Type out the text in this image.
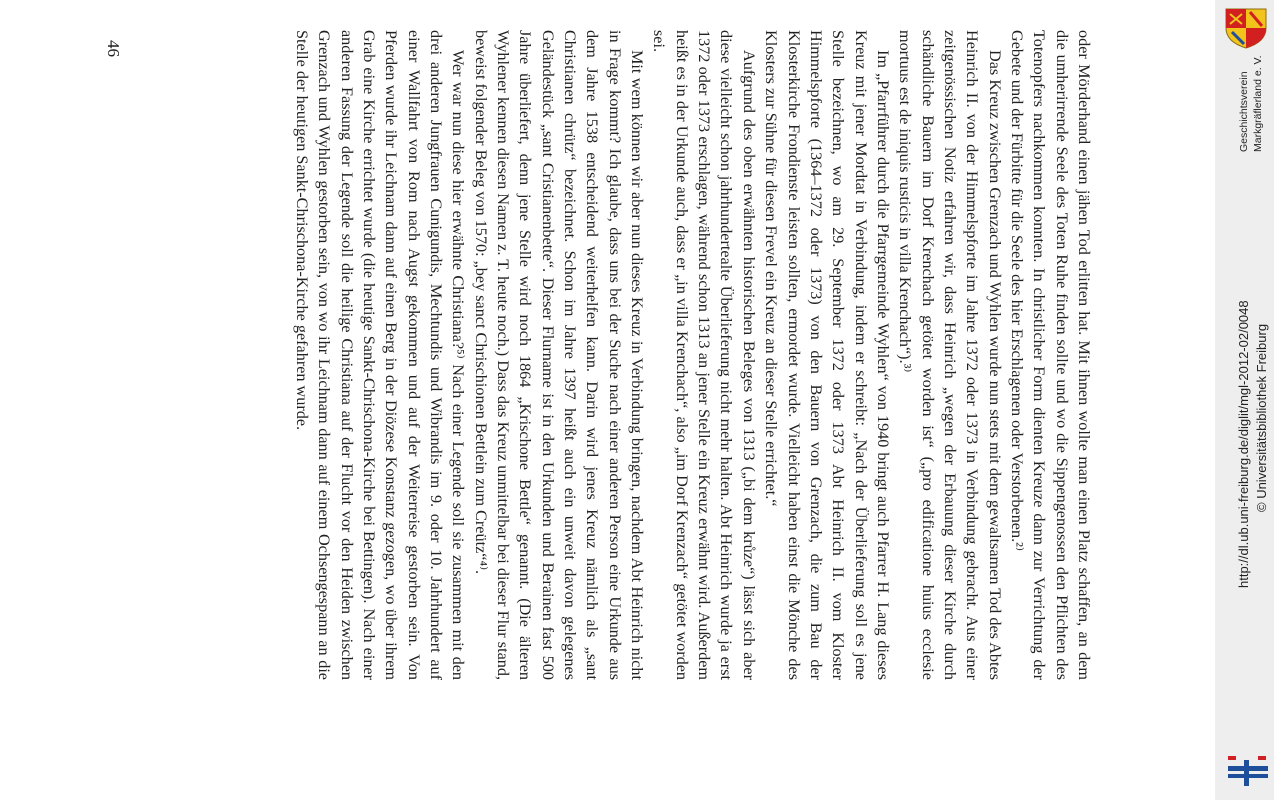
oder Mörderhand einen jähen Tod erlitten hat. Mit ihnen wollte man einen Platz schaffen, an dem die umherirrende Seele des Toten Ruhe finden sollte und wo die Sippengenossen den Pflichten des Totenopfers nachkommen konnten. In christlicher Form dienten Kreuze dann zur Verrichtung der Gebete und der Fürbitte für die Seele des hier Erschlagenen oder Verstorbenen.²⁾

Das Kreuz zwischen Grenzach und Wyhlen wurde nun stets mit dem gewaltsamen Tod des Abtes Heinrich II. von der Himmelspforte im Jahre 1372 oder 1373 in Verbindung gebracht. Aus einer zeitgenössischen Notiz erfahren wir, dass Heinrich „wegen der Erbauung dieser Kirche durch schändliche Bauern im Dorf Krenchach getötet worden ist“ („pro edificatione huius ecclesie mortuus est de iniquis rusticis in villa Krenchach“).³⁾

Im „Pfarrführer durch die Pfarrgemeinde Wyhlen“ von 1940 bringt auch Pfarrer H. Lang dieses Kreuz mit jener Mordtat in Verbindung, indem er schreibt: „Nach der Überlieferung soll es jene Stelle bezeichnen, wo am 29. September 1372 oder 1373 Abt Heinrich II. vom Kloster Himmelspforte (1364–1372 oder 1373) von den Bauern von Grenzach, die zum Bau der Klosterkirche Frondienste leisten sollten, ermordet wurde. Vielleicht haben einst die Mönche des Klosters zur Sühne für diesen Frevel ein Kreuz an dieser Stelle errichtet.“

Aufgrund des oben erwähnten historischen Beleges von 1313 („bi dem krůze“) lässt sich aber diese vielleicht schon jahrhundertealte Überlieferung nicht mehr halten. Abt Heinrich wurde ja erst 1372 oder 1373 erschlagen, während schon 1313 an jener Stelle ein Kreuz erwähnt wird. Außerdem heißt es in der Urkunde auch, dass er „in villa Krenchach“, also „im Dorf Krenzach“ getötet worden sei.

Mit wem können wir aber nun dieses Kreuz in Verbindung bringen, nachdem Abt Heinrich nicht in Frage kommt? Ich glaube, dass uns bei der Suche nach einer anderen Person eine Urkunde aus dem Jahre 1538 entscheidend weiterhelfen kann. Darin wird jenes Kreuz nämlich als „sant Christianen chrütz“ bezeichnet. Schon im Jahre 1397 heißt auch ein unweit davon gelegenes Geländestück „sant Cristianenbette“. Dieser Flurname ist in den Urkunden und Berainen fast 500 Jahre überliefert, denn jene Stelle wird noch 1864 „Krischone Bettle“ genannt. (Die älteren Wyhlener kennen diesen Namen z. T. heute noch.) Dass das Kreuz unmittelbar bei dieser Flur stand, beweist folgender Beleg von 1570: „bey sanct Chrischionen Bettlein zum Creütz“⁴⁾.

Wer war nun diese hier erwähnte Christiana?⁵⁾ Nach einer Legende soll sie zusammen mit den drei anderen Jungfrauen Cunigundis, Mechtundis und Wibrandis im 9. oder 10. Jahrhundert auf einer Wallfahrt von Rom nach Augst gekommen und auf der Weiterreise gestorben sein. Von Pferden wurde ihr Leichnam dann auf einen Berg in der Diözese Konstanz gezogen, wo über ihrem Grab eine Kirche errichtet wurde (die heutige Sankt-Chrischona-Kirche bei Bettingen). Nach einer anderen Fassung der Legende soll die heilige Christiana auf der Flucht vor den Heiden zwischen Grenzach und Wyhlen gestorben sein, von wo ihr Leichnam dann auf einem Ochsengespann an die Stelle der heutigen Sankt-Chrischona-Kirche gefahren wurde.

46
Geschichtsverein Markgräflerland e. V.
http://dl.ub.uni-freiburg.de/diglit/mgl-2012-02/0048 © Universitätsbibliothek Freiburg
